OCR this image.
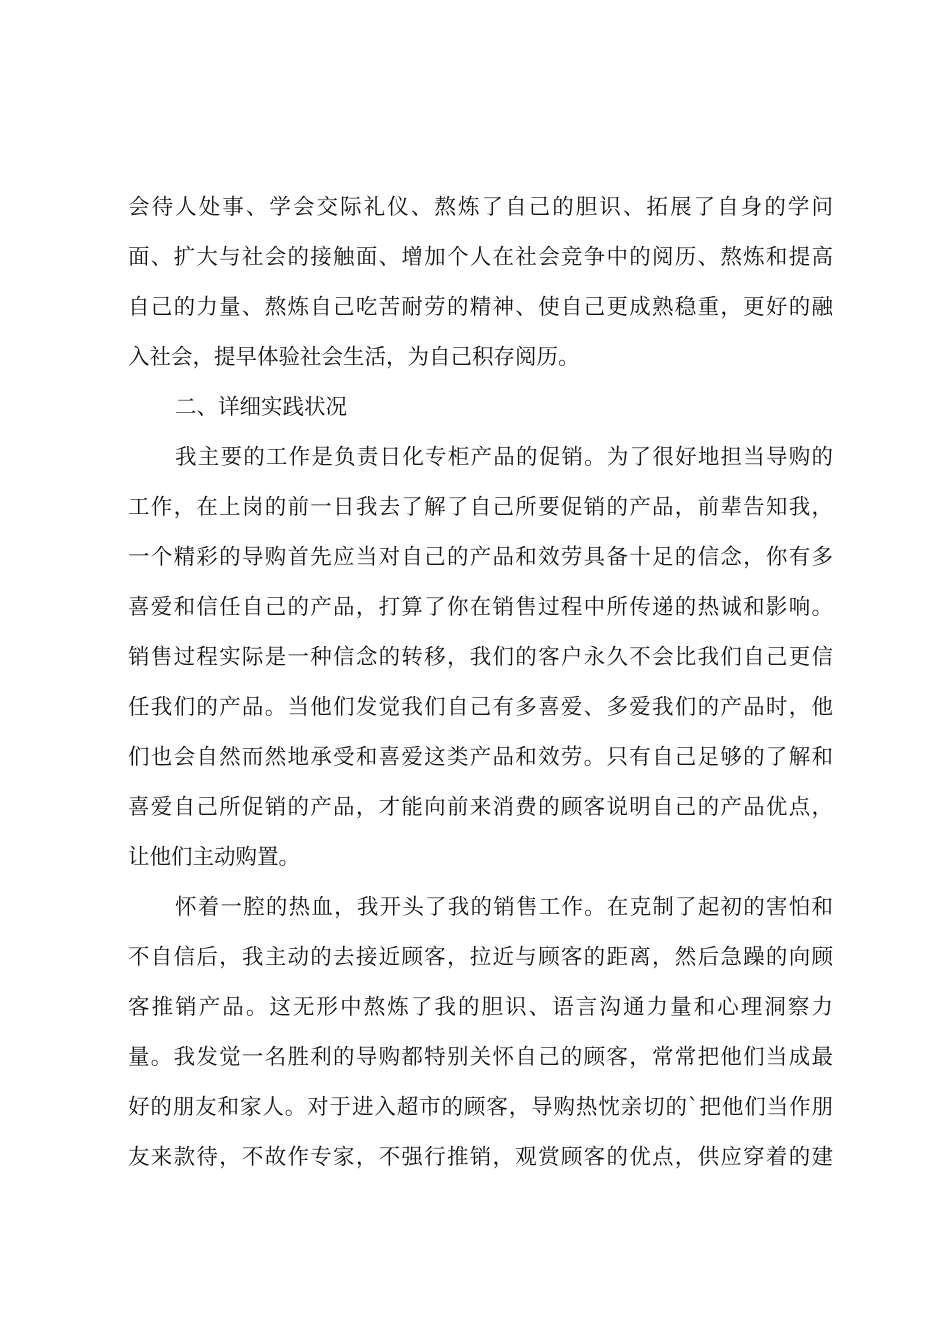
会待人处事、学会交际礼仪、熬炼了自己的胆识、拓展了自身的学问
面、扩大与社会的接触面、增加个人在社会竞争中的阅历、熬炼和提高
自己的力量、熬炼自己吃苦耐劳的精神、使自己更成熟稳重，更好的融
入社会，提早体验社会生活，为自己积存阅历。
二、详细实践状况
我主要的工作是负责日化专柜产品的促销。为了很好地担当导购的
工作，在上岗的前一日我去了解了自己所要促销的产品，前辈告知我，
一个精彩的导购首先应当对自己的产品和效劳具备十足的信念，你有多
喜爱和信任自己的产品，打算了你在销售过程中所传递的热诚和影响。
销售过程实际是一种信念的转移，我们的客户永久不会比我们自己更信
任我们的产品。当他们发觉我们自己有多喜爱、多爱我们的产品时，他
们也会自然而然地承受和喜爱这类产品和效劳。只有自己足够的了解和
喜爱自己所促销的产品，才能向前来消费的顾客说明自己的产品优点，
让他们主动购置。
怀着一腔的热血，我开头了我的销售工作。在克制了起初的害怕和
不自信后，我主动的去接近顾客，拉近与顾客的距离，然后急躁的向顾
客推销产品。这无形中熬炼了我的胆识、语言沟通力量和心理洞察力
量。我发觉一名胜利的导购都特别关怀自己的顾客，常常把他们当成最
好的朋友和家人。对于进入超市的顾客，导购热忱亲切的`把他们当作朋
友来款待，不故作专家，不强行推销，观赏顾客的优点，供应穿着的建
